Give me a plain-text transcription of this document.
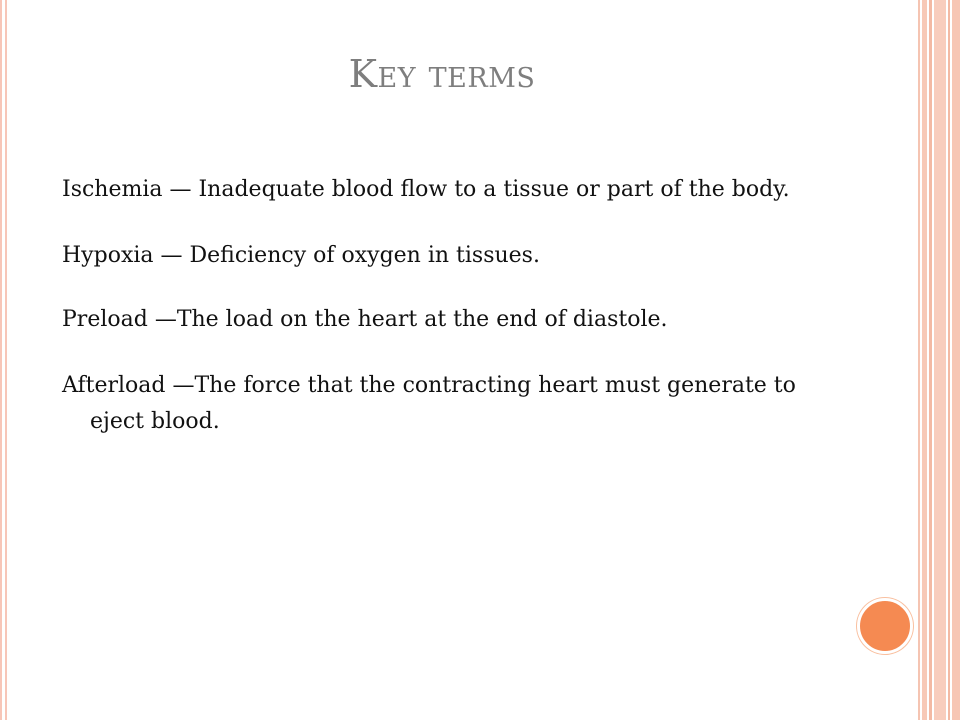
Key terms
Ischemia — Inadequate blood flow to a tissue or part of the body.
Hypoxia — Deficiency of oxygen in tissues.
Preload —The load on the heart at the end of diastole.
Afterload —The force that the contracting heart must generate to eject blood.
